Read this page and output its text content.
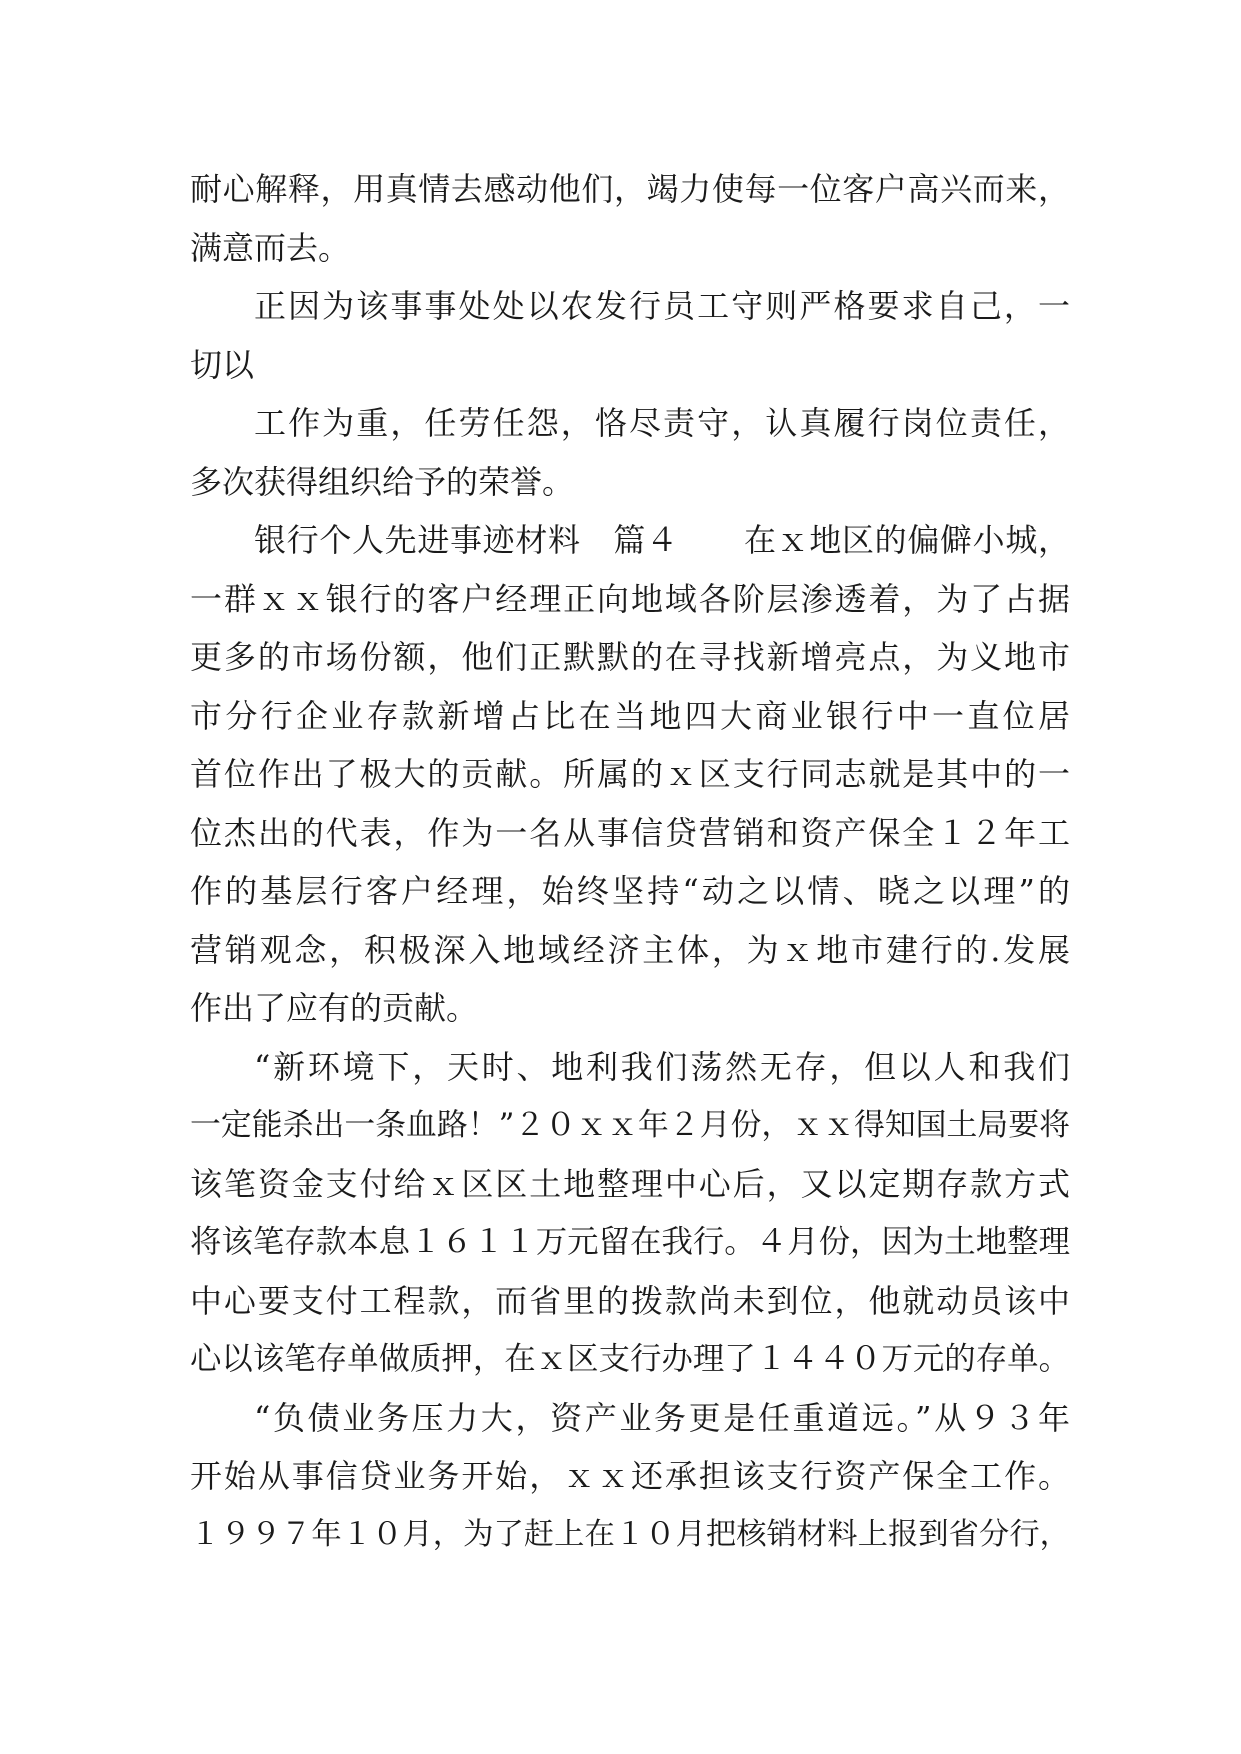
耐心解释，用真情去感动他们，竭力使每一位客户高兴而来，
满意而去。
正因为该事事处处以农发行员工守则严格要求自己，一
切以
工作为重，任劳任怨，恪尽责守，认真履行岗位责任，
多次获得组织给予的荣誉。
银行个人先进事迹材料　篇４　　在ｘ地区的偏僻小城，
一群ｘｘ银行的客户经理正向地域各阶层渗透着，为了占据
更多的市场份额，他们正默默的在寻找新增亮点，为义地市
市分行企业存款新增占比在当地四大商业银行中一直位居
首位作出了极大的贡献。所属的ｘ区支行同志就是其中的一
位杰出的代表，作为一名从事信贷营销和资产保全１２年工
作的基层行客户经理，始终坚持“动之以情、晓之以理”的
营销观念，积极深入地域经济主体，为ｘ地市建行的.发展
作出了应有的贡献。
“新环境下，天时、地利我们荡然无存，但以人和我们
一定能杀出一条血路！”２０ｘｘ年２月份，ｘｘ得知国土局要将
该笔资金支付给ｘ区区土地整理中心后，又以定期存款方式
将该笔存款本息１６１１万元留在我行。４月份，因为土地整理
中心要支付工程款，而省里的拨款尚未到位，他就动员该中
心以该笔存单做质押，在ｘ区支行办理了１４４０万元的存单。
“负债业务压力大，资产业务更是任重道远。”从９３年
开始从事信贷业务开始，ｘｘ还承担该支行资产保全工作。
１９９７年１０月，为了赶上在１０月把核销材料上报到省分行，
